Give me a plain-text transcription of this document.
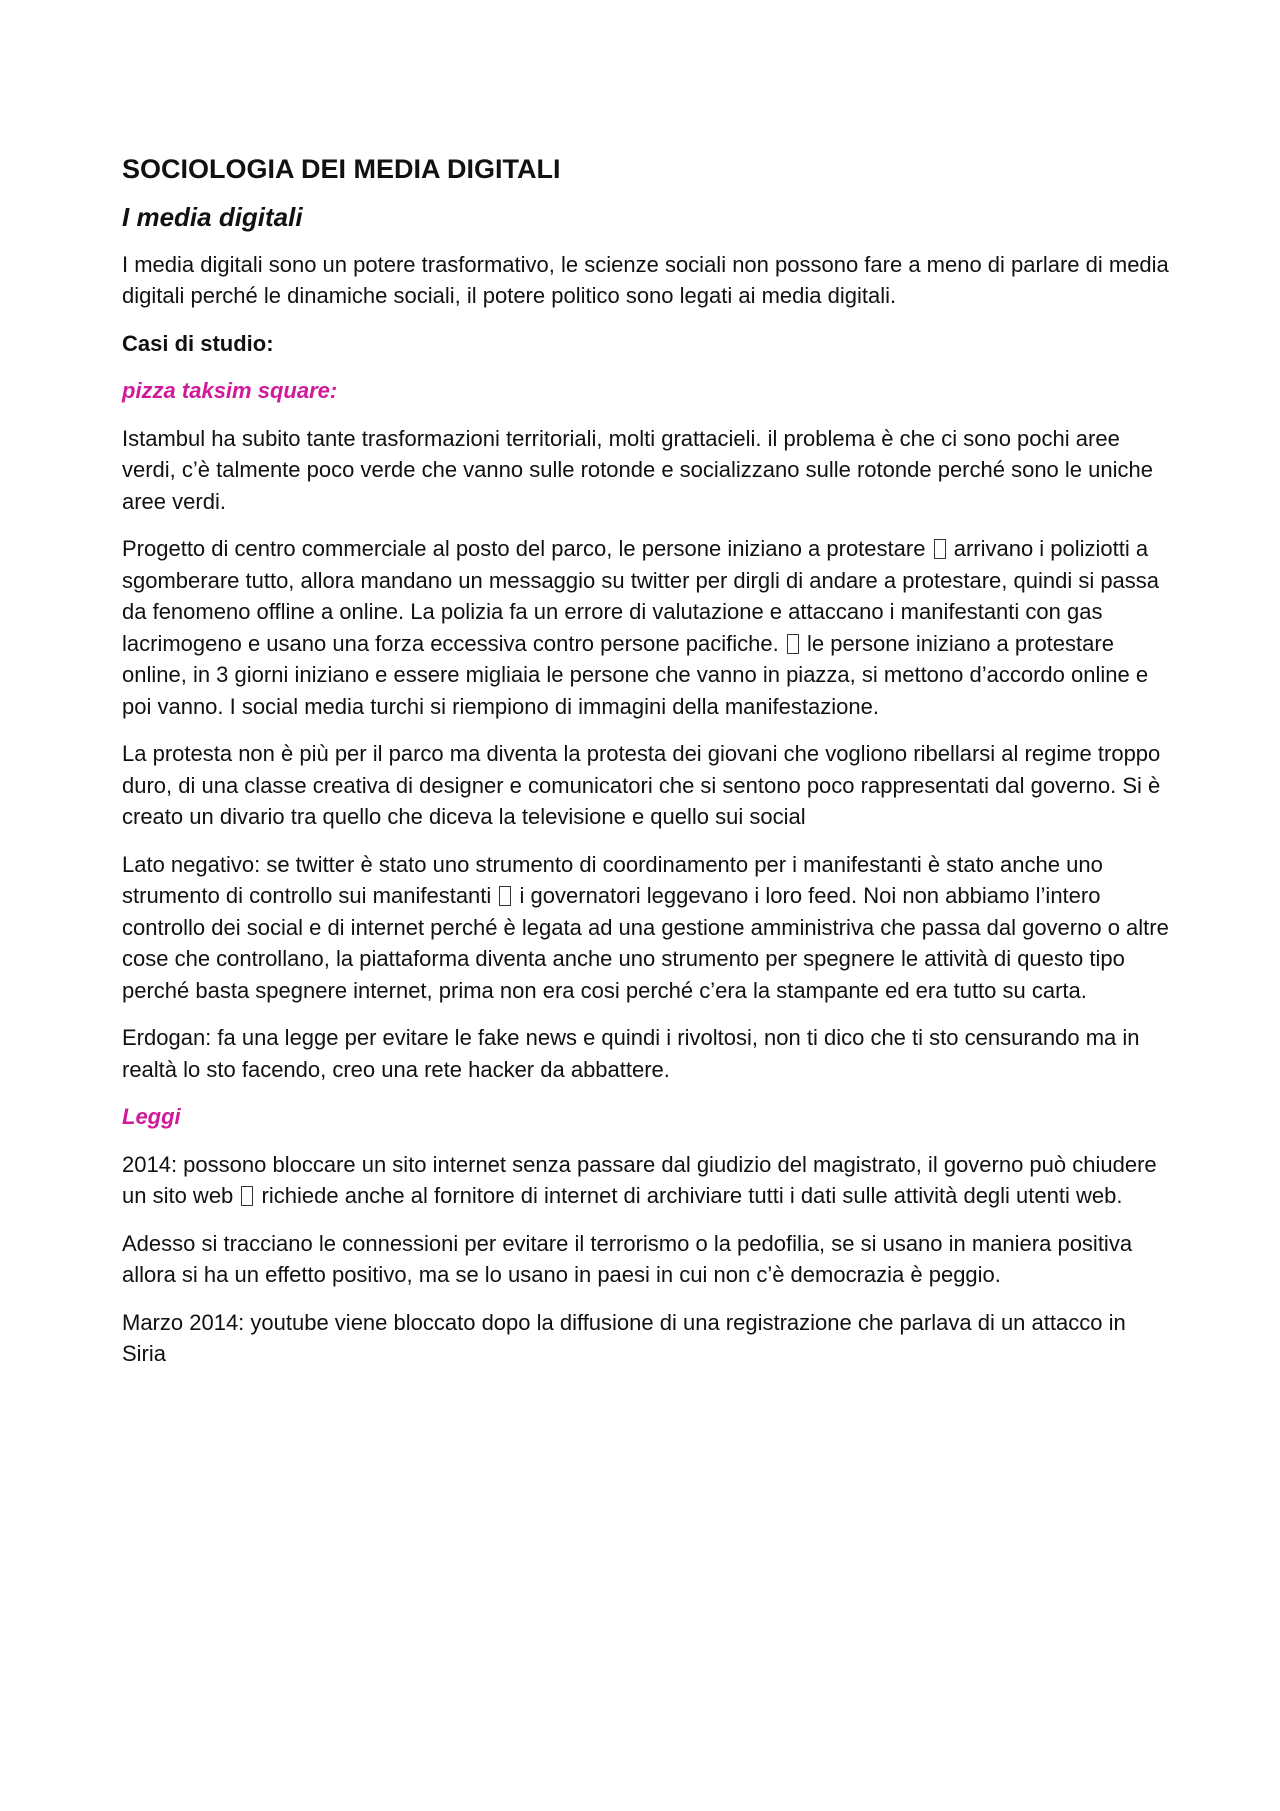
SOCIOLOGIA DEI MEDIA DIGITALI
I media digitali

I media digitali sono un potere trasformativo, le scienze sociali non possono fare a meno di parlare di media digitali perché le dinamiche sociali, il potere politico sono legati ai media digitali.

Casi di studio:

pizza taksim square:

Istambul ha subito tante trasformazioni territoriali, molti grattacieli. il problema è che ci sono pochi aree verdi, c’è talmente poco verde che vanno sulle rotonde e socializzano sulle rotonde perché sono le uniche aree verdi.

Progetto di centro commerciale al posto del parco, le persone iniziano a protestare arrivano i poliziotti a sgomberare tutto, allora mandano un messaggio su twitter per dirgli di andare a protestare, quindi si passa da fenomeno offline a online. La polizia fa un errore di valutazione e attaccano i manifestanti con gas lacrimogeno e usano una forza eccessiva contro persone pacifiche. le persone iniziano a protestare online, in 3 giorni iniziano e essere migliaia le persone che vanno in piazza, si mettono d’accordo online e poi vanno. I social media turchi si riempiono di immagini della manifestazione.

La protesta non è più per il parco ma diventa la protesta dei giovani che vogliono ribellarsi al regime troppo duro, di una classe creativa di designer e comunicatori che si sentono poco rappresentati dal governo. Si è creato un divario tra quello che diceva la televisione e quello sui social

Lato negativo: se twitter è stato uno strumento di coordinamento per i manifestanti è stato anche uno strumento di controllo sui manifestanti i governatori leggevano i loro feed. Noi non abbiamo l’intero controllo dei social e di internet perché è legata ad una gestione amministriva che passa dal governo o altre cose che controllano, la piattaforma diventa anche uno strumento per spegnere le attività di questo tipo perché basta spegnere internet, prima non era cosi perché c’era la stampante ed era tutto su carta.

Erdogan: fa una legge per evitare le fake news e quindi i rivoltosi, non ti dico che ti sto censurando ma in realtà lo sto facendo, creo una rete hacker da abbattere.

Leggi

2014: possono bloccare un sito internet senza passare dal giudizio del magistrato, il governo può chiudere un sito web richiede anche al fornitore di internet di archiviare tutti i dati sulle attività degli utenti web.

Adesso si tracciano le connessioni per evitare il terrorismo o la pedofilia, se si usano in maniera positiva allora si ha un effetto positivo, ma se lo usano in paesi in cui non c’è democrazia è peggio.

Marzo 2014: youtube viene bloccato dopo la diffusione di una registrazione che parlava di un attacco in Siria
